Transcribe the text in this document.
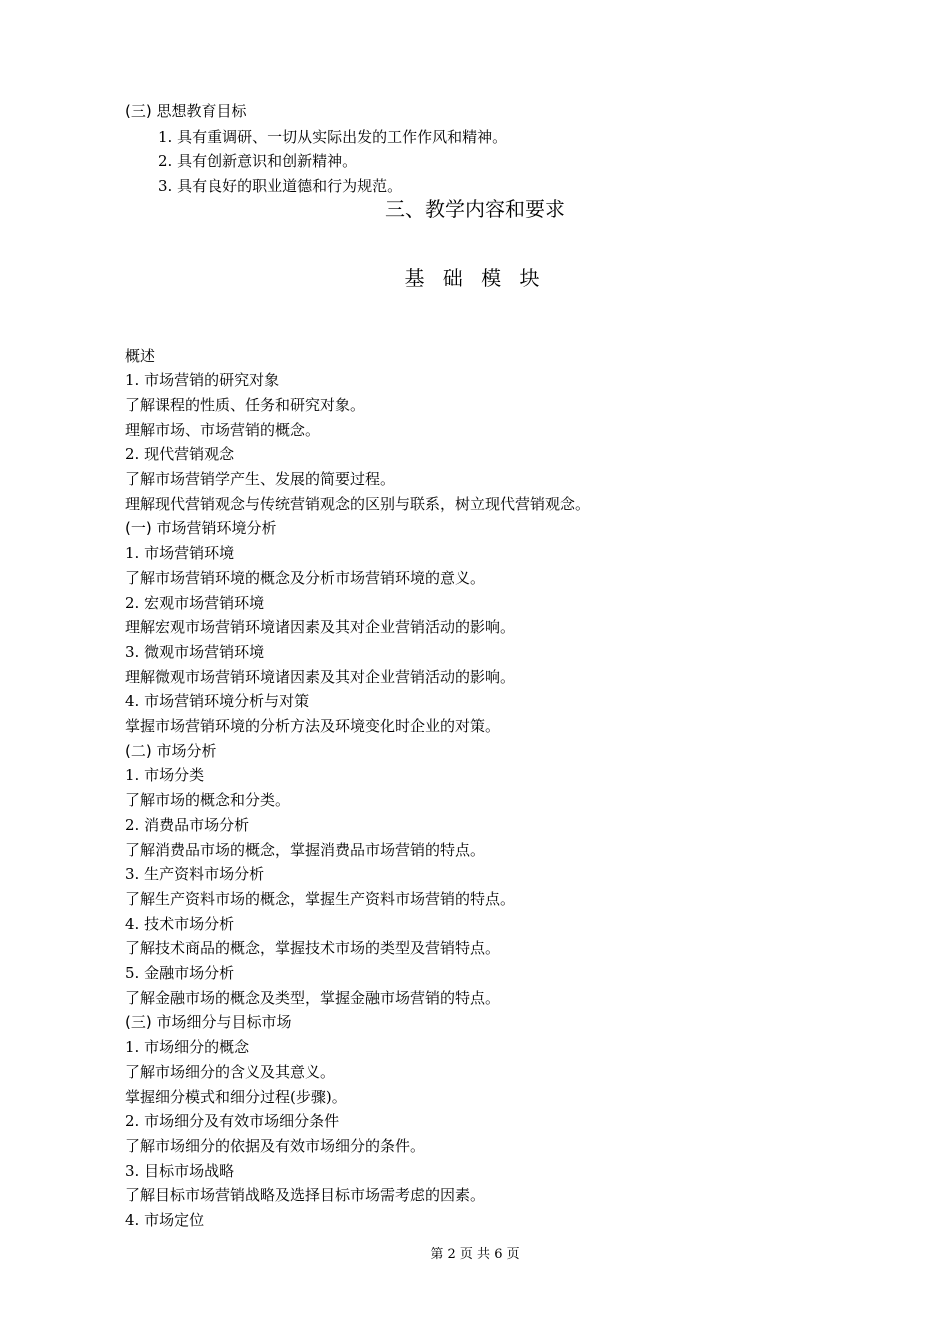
(三) 思想教育目标
1. 具有重调研、一切从实际出发的工作作风和精神。
2. 具有创新意识和创新精神。
3. 具有良好的职业道德和行为规范。
三、教学内容和要求
基 础 模 块
概述
1. 市场营销的研究对象
了解课程的性质、任务和研究对象。
理解市场、市场营销的概念。
2. 现代营销观念
了解市场营销学产生、发展的简要过程。
理解现代营销观念与传统营销观念的区别与联系，树立现代营销观念。
(一) 市场营销环境分析
1. 市场营销环境
了解市场营销环境的概念及分析市场营销环境的意义。
2. 宏观市场营销环境
理解宏观市场营销环境诸因素及其对企业营销活动的影响。
3. 微观市场营销环境
理解微观市场营销环境诸因素及其对企业营销活动的影响。
4. 市场营销环境分析与对策
掌握市场营销环境的分析方法及环境变化时企业的对策。
(二) 市场分析
1. 市场分类
了解市场的概念和分类。
2. 消费品市场分析
了解消费品市场的概念，掌握消费品市场营销的特点。
3. 生产资料市场分析
了解生产资料市场的概念，掌握生产资料市场营销的特点。
4. 技术市场分析
了解技术商品的概念，掌握技术市场的类型及营销特点。
5. 金融市场分析
了解金融市场的概念及类型，掌握金融市场营销的特点。
(三) 市场细分与目标市场
1. 市场细分的概念
了解市场细分的含义及其意义。
掌握细分模式和细分过程(步骤)。
2. 市场细分及有效市场细分条件
了解市场细分的依据及有效市场细分的条件。
3. 目标市场战略
了解目标市场营销战略及选择目标市场需考虑的因素。
4. 市场定位
第 2 页 共 6 页
